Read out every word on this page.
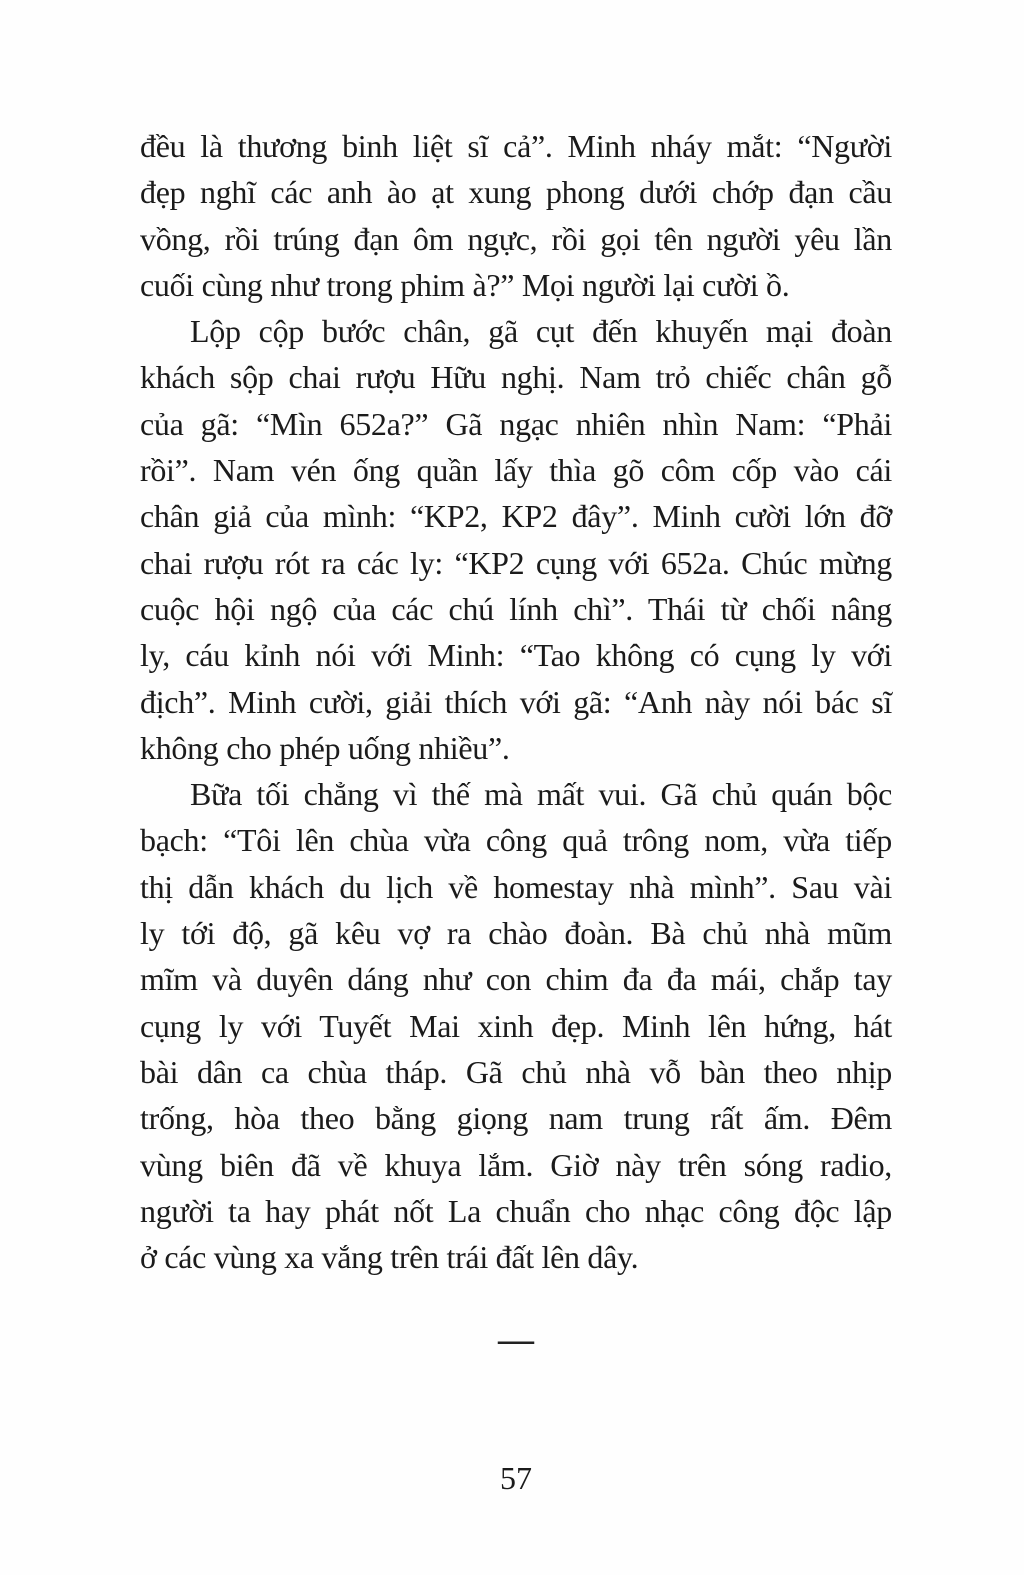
đều là thương binh liệt sĩ cả”. Minh nháy mắt: “Người
đẹp nghĩ các anh ào ạt xung phong dưới chớp đạn cầu
vồng, rồi trúng đạn ôm ngực, rồi gọi tên người yêu lần
cuối cùng như trong phim à?” Mọi người lại cười ồ.
Lộp cộp bước chân, gã cụt đến khuyến mại đoàn
khách sộp chai rượu Hữu nghị. Nam trỏ chiếc chân gỗ
của gã: “Mìn 652a?” Gã ngạc nhiên nhìn Nam: “Phải
rồi”. Nam vén ống quần lấy thìa gõ côm cốp vào cái
chân giả của mình: “KP2, KP2 đây”. Minh cười lớn đỡ
chai rượu rót ra các ly: “KP2 cụng với 652a. Chúc mừng
cuộc hội ngộ của các chú lính chì”. Thái từ chối nâng
ly, cáu kỉnh nói với Minh: “Tao không có cụng ly với
địch”. Minh cười, giải thích với gã: “Anh này nói bác sĩ
không cho phép uống nhiều”.
Bữa tối chẳng vì thế mà mất vui. Gã chủ quán bộc
bạch: “Tôi lên chùa vừa công quả trông nom, vừa tiếp
thị dẫn khách du lịch về homestay nhà mình”. Sau vài
ly tới độ, gã kêu vợ ra chào đoàn. Bà chủ nhà mũm
mĩm và duyên dáng như con chim đa đa mái, chắp tay
cụng ly với Tuyết Mai xinh đẹp. Minh lên hứng, hát
bài dân ca chùa tháp. Gã chủ nhà vỗ bàn theo nhịp
trống, hòa theo bằng giọng nam trung rất ấm. Đêm
vùng biên đã về khuya lắm. Giờ này trên sóng radio,
người ta hay phát nốt La chuẩn cho nhạc công độc lập
ở các vùng xa vắng trên trái đất lên dây.
—
57
